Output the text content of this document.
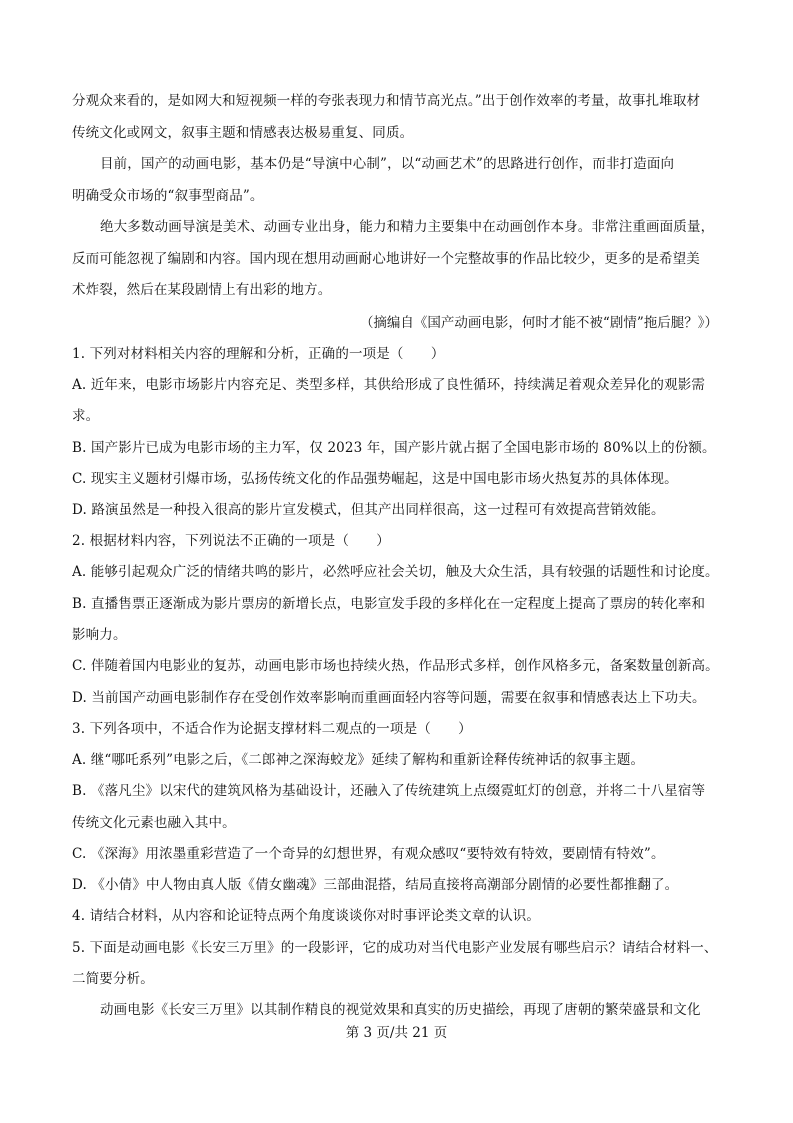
分观众来看的，是如网大和短视频一样的夸张表现力和情节高光点。”出于创作效率的考量，故事扎堆取材
传统文化或网文，叙事主题和情感表达极易重复、同质。
目前，国产的动画电影，基本仍是“导演中心制”，以“动画艺术”的思路进行创作，而非打造面向
明确受众市场的“叙事型商品”。
绝大多数动画导演是美术、动画专业出身，能力和精力主要集中在动画创作本身。非常注重画面质量，
反而可能忽视了编剧和内容。国内现在想用动画耐心地讲好一个完整故事的作品比较少，更多的是希望美
术炸裂，然后在某段剧情上有出彩的地方。
（摘编自《国产动画电影，何时才能不被“剧情”拖后腿？》）
1. 下列对材料相关内容的理解和分析，正确的一项是（　　）
A. 近年来，电影市场影片内容充足、类型多样，其供给形成了良性循环，持续满足着观众差异化的观影需
求。
B. 国产影片已成为电影市场的主力军，仅 2023 年，国产影片就占据了全国电影市场的 80%以上的份额。
C. 现实主义题材引爆市场，弘扬传统文化的作品强势崛起，这是中国电影市场火热复苏的具体体现。
D. 路演虽然是一种投入很高的影片宣发模式，但其产出同样很高，这一过程可有效提高营销效能。
2. 根据材料内容，下列说法不正确的一项是（　　）
A. 能够引起观众广泛的情绪共鸣的影片，必然呼应社会关切，触及大众生活，具有较强的话题性和讨论度。
B. 直播售票正逐渐成为影片票房的新增长点，电影宣发手段的多样化在一定程度上提高了票房的转化率和
影响力。
C. 伴随着国内电影业的复苏，动画电影市场也持续火热，作品形式多样，创作风格多元，备案数量创新高。
D. 当前国产动画电影制作存在受创作效率影响而重画面轻内容等问题，需要在叙事和情感表达上下功夫。
3. 下列各项中，不适合作为论据支撑材料二观点的一项是（　　）
A. 继“哪吒系列”电影之后，《二郎神之深海蛟龙》延续了解构和重新诠释传统神话的叙事主题。
B. 《落凡尘》以宋代的建筑风格为基础设计，还融入了传统建筑上点缀霓虹灯的创意，并将二十八星宿等
传统文化元素也融入其中。
C. 《深海》用浓墨重彩营造了一个奇异的幻想世界，有观众感叹“要特效有特效，要剧情有特效”。
D. 《小倩》中人物由真人版《倩女幽魂》三部曲混搭，结局直接将高潮部分剧情的必要性都推翻了。
4. 请结合材料，从内容和论证特点两个角度谈谈你对时事评论类文章的认识。
5. 下面是动画电影《长安三万里》的一段影评，它的成功对当代电影产业发展有哪些启示？请结合材料一、
二简要分析。
动画电影《长安三万里》以其制作精良的视觉效果和真实的历史描绘，再现了唐朝的繁荣盛景和文化
第 3 页/共 21 页
